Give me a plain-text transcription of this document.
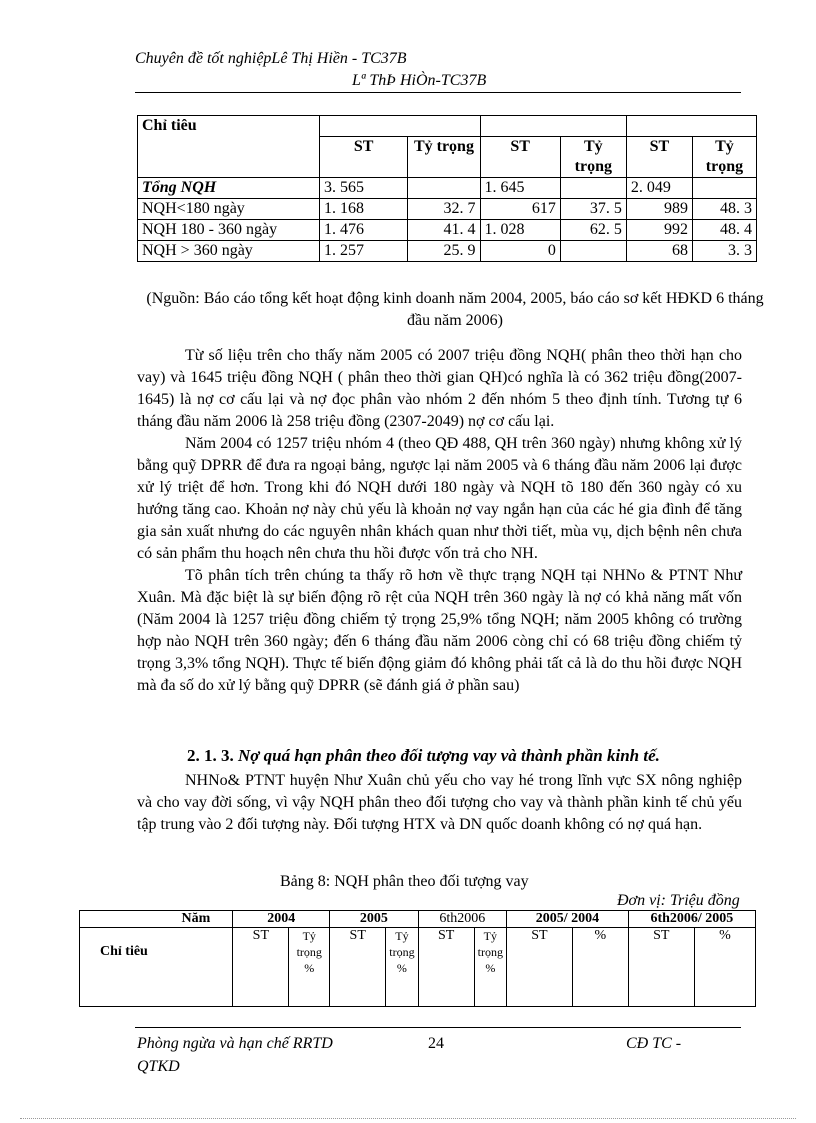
Chuyên đề tốt nghiệpLê Thị Hiền - TC37B
Lª ThÞ HiÒn-TC37B
Chỉ tiêu						
	ST	Tỷ trọng	ST	Tỷ trọng	ST	Tỷ trọng
Tổng NQH	3. 565		1. 645		2. 049	
NQH<180 ngày	1. 168	32. 7	617	37. 5	989	48. 3
NQH 180 - 360 ngày	1. 476	41. 4	1. 028	62. 5	992	48. 4
NQH > 360 ngày	1. 257	25. 9	0		68	3. 3
(Nguồn: Báo cáo tổng kết hoạt động kinh doanh năm 2004, 2005, báo cáo sơ kết HĐKD 6 tháng đầu năm 2006)

Từ số liệu trên cho thấy năm 2005 có 2007 triệu đồng NQH( phân theo thời hạn cho vay) và 1645 triệu đồng NQH ( phân theo thời gian QH)có nghĩa là có 362 triệu đồng(2007-1645) là nợ cơ cấu lại và nợ đọc phân vào nhóm 2 đến nhóm 5 theo định tính. Tương tự 6 tháng đầu năm 2006 là 258 triệu đồng (2307-2049) nợ cơ cấu lại.

Năm 2004 có 1257 triệu nhóm 4 (theo QĐ 488, QH trên 360 ngày) nhưng không xử lý bằng quỹ DPRR để đưa ra ngoại bảng, ngược lại năm 2005 và 6 tháng đầu năm 2006 lại được xử lý triệt để hơn. Trong khi đó NQH dưới 180 ngày và NQH tõ 180 đến 360 ngày có xu hướng tăng cao. Khoản nợ này chủ yếu là khoản nợ vay ngắn hạn của các hé gia đình để tăng gia sản xuất nhưng do các nguyên nhân khách quan như thời tiết, mùa vụ, dịch bệnh nên chưa có sản phẩm thu hoạch nên chưa thu hồi được vốn trả cho NH.

Tõ phân tích trên chúng ta thấy rõ hơn về thực trạng NQH tại NHNo & PTNT Như Xuân. Mà đặc biệt là sự biến động rõ rệt của NQH trên 360 ngày là nợ có khả năng mất vốn (Năm 2004 là 1257 triệu đồng chiếm tỷ trọng 25,9% tổng NQH; năm 2005 không có trường hợp nào NQH trên 360 ngày; đến 6 tháng đầu năm 2006 còng chỉ có 68 triệu đồng chiếm tỷ trọng 3,3% tổng NQH). Thực tế biến động giảm đó không phải tất cả là do thu hồi được NQH mà đa số do xử lý bằng quỹ DPRR (sẽ đánh giá ở phần sau)

2. 1. 3. Nợ quá hạn phân theo đối tượng vay và thành phần kinh tế.

NHNo& PTNT huyện Như Xuân chủ yếu cho vay hé trong lĩnh vực SX nông nghiệp và cho vay đời sống, vì vậy NQH phân theo đối tượng cho vay và thành phần kinh tế chủ yếu tập trung vào 2 đối tượng này. Đối tượng HTX và DN quốc doanh không có nợ quá hạn.

Bảng 8: NQH phân theo đối tượng vay
Đơn vị: Triệu đồng
Năm	2004		2005		6th2006		2005/ 2004		6th2006/ 2005	
Chỉ tiêu	ST	Tỷ trọng %	ST	Tỷ trọng %	ST	Tỷ trọng %	ST	%	ST	%
Phòng ngừa và hạn chế RRTD	24	CĐ TC -
QTKD
